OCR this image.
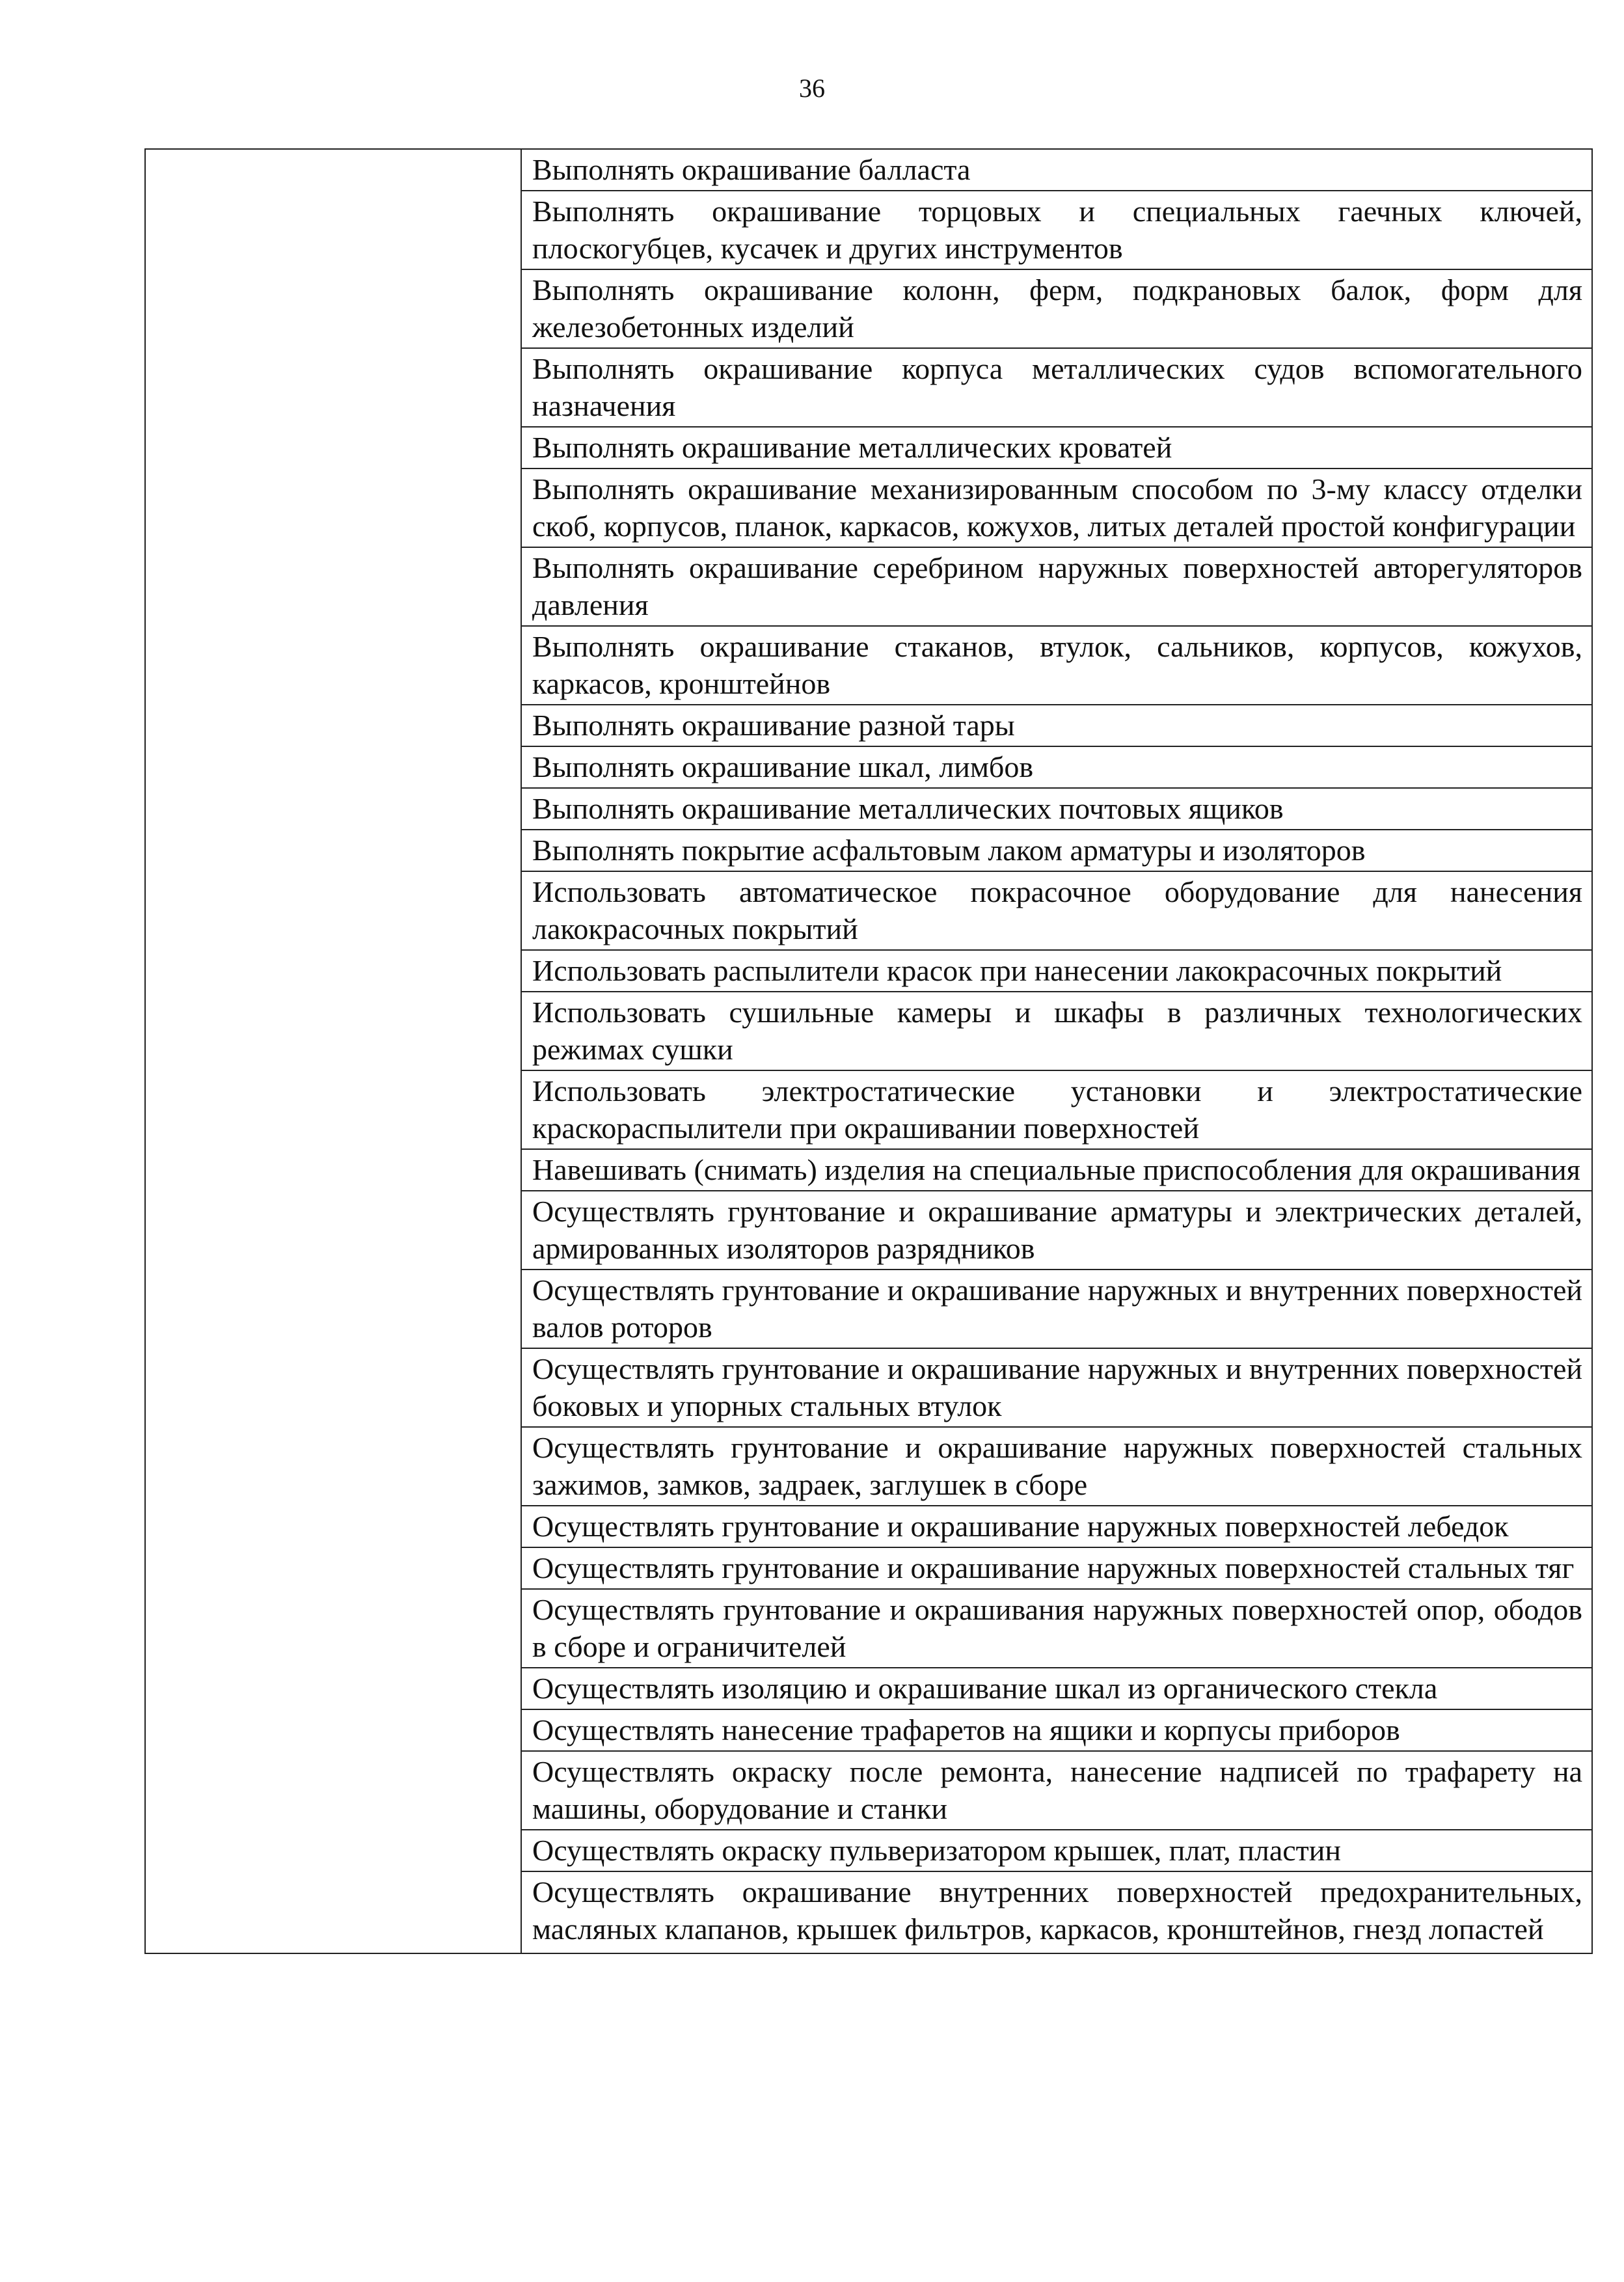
36

Выполнять окрашивание балласта
Выполнять окрашивание торцовых и специальных гаечных ключей, плоскогубцев, кусачек и других инструментов
Выполнять окрашивание колонн, ферм, подкрановых балок, форм для железобетонных изделий
Выполнять окрашивание корпуса металлических судов вспомогательного назначения
Выполнять окрашивание металлических кроватей
Выполнять окрашивание механизированным способом по 3-му классу отделки скоб, корпусов, планок, каркасов, кожухов, литых деталей простой конфигурации
Выполнять окрашивание серебрином наружных поверхностей авторегуляторов давления
Выполнять окрашивание стаканов, втулок, сальников, корпусов, кожухов, каркасов, кронштейнов
Выполнять окрашивание разной тары
Выполнять окрашивание шкал, лимбов
Выполнять окрашивание металлических почтовых ящиков
Выполнять покрытие асфальтовым лаком арматуры и изоляторов
Использовать автоматическое покрасочное оборудование для нанесения лакокрасочных покрытий
Использовать распылители красок при нанесении лакокрасочных покрытий
Использовать сушильные камеры и шкафы в различных технологических режимах сушки
Использовать электростатические установки и электростатические краскораспылители при окрашивании поверхностей
Навешивать (снимать) изделия на специальные приспособления для окрашивания
Осуществлять грунтование и окрашивание арматуры и электрических деталей, армированных изоляторов разрядников
Осуществлять грунтование и окрашивание наружных и внутренних поверхностей валов роторов
Осуществлять грунтование и окрашивание наружных и внутренних поверхностей боковых и упорных стальных втулок
Осуществлять грунтование и окрашивание наружных поверхностей стальных зажимов, замков, задраек, заглушек в сборе
Осуществлять грунтование и окрашивание наружных поверхностей лебедок
Осуществлять грунтование и окрашивание наружных поверхностей стальных тяг
Осуществлять грунтование и окрашивания наружных поверхностей опор, ободов в сборе и ограничителей
Осуществлять изоляцию и окрашивание шкал из органического стекла
Осуществлять нанесение трафаретов на ящики и корпусы приборов
Осуществлять окраску после ремонта, нанесение надписей по трафарету на машины, оборудование и станки
Осуществлять окраску пульверизатором крышек, плат, пластин
Осуществлять окрашивание внутренних поверхностей предохранительных, масляных клапанов, крышек фильтров, каркасов, кронштейнов, гнезд лопастей
